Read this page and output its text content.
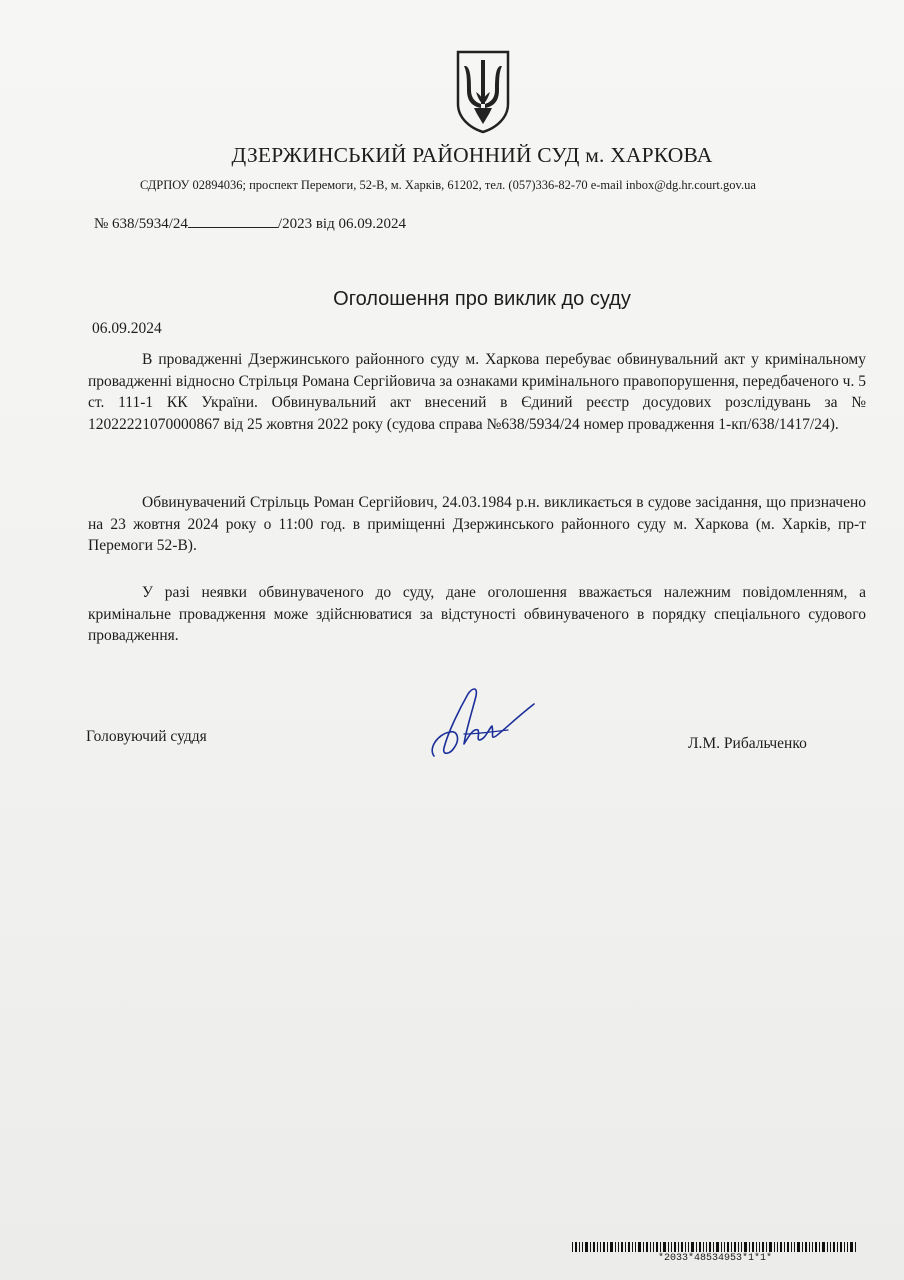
ДЗЕРЖИНСЬКИЙ РАЙОННИЙ СУД м. ХАРКОВА
СДРПОУ 02894036; проспект Перемоги, 52-В, м. Харків, 61202, тел. (057)336-82-70 e-mail inbox@dg.hr.court.gov.ua
№ 638/5934/24	/2023 від 06.09.2024
Оголошення про виклик до суду
06.09.2024
В провадженні Дзержинського районного суду м. Харкова перебуває обвинувальний акт у кримінальному провадженні відносно Стрільця Романа Сергійовича за ознаками кримінального правопорушення, передбаченого ч. 5 ст. 111-1 КК України. Обвинувальний акт внесений в Єдиний реєстр досудових розслідувань за № 12022221070000867 від 25 жовтня 2022 року (судова справа №638/5934/24 номер провадження 1-кп/638/1417/24).
Обвинувачений Стрільць Роман Сергійович, 24.03.1984 р.н. викликається в судове засідання, що призначено на 23 жовтня 2024 року о 11:00 год. в приміщенні Дзержинського районного суду м. Харкова (м. Харків, пр-т Перемоги 52-В).
У разі неявки обвинуваченого до суду, дане оголошення вважається належним повідомленням, а кримінальне провадження може здійснюватися за відстуності обвинуваченого в порядку спеціального судового провадження.
Головуючий суддя	Л.М. Рибальченко
*2033*48534953*1*1*
